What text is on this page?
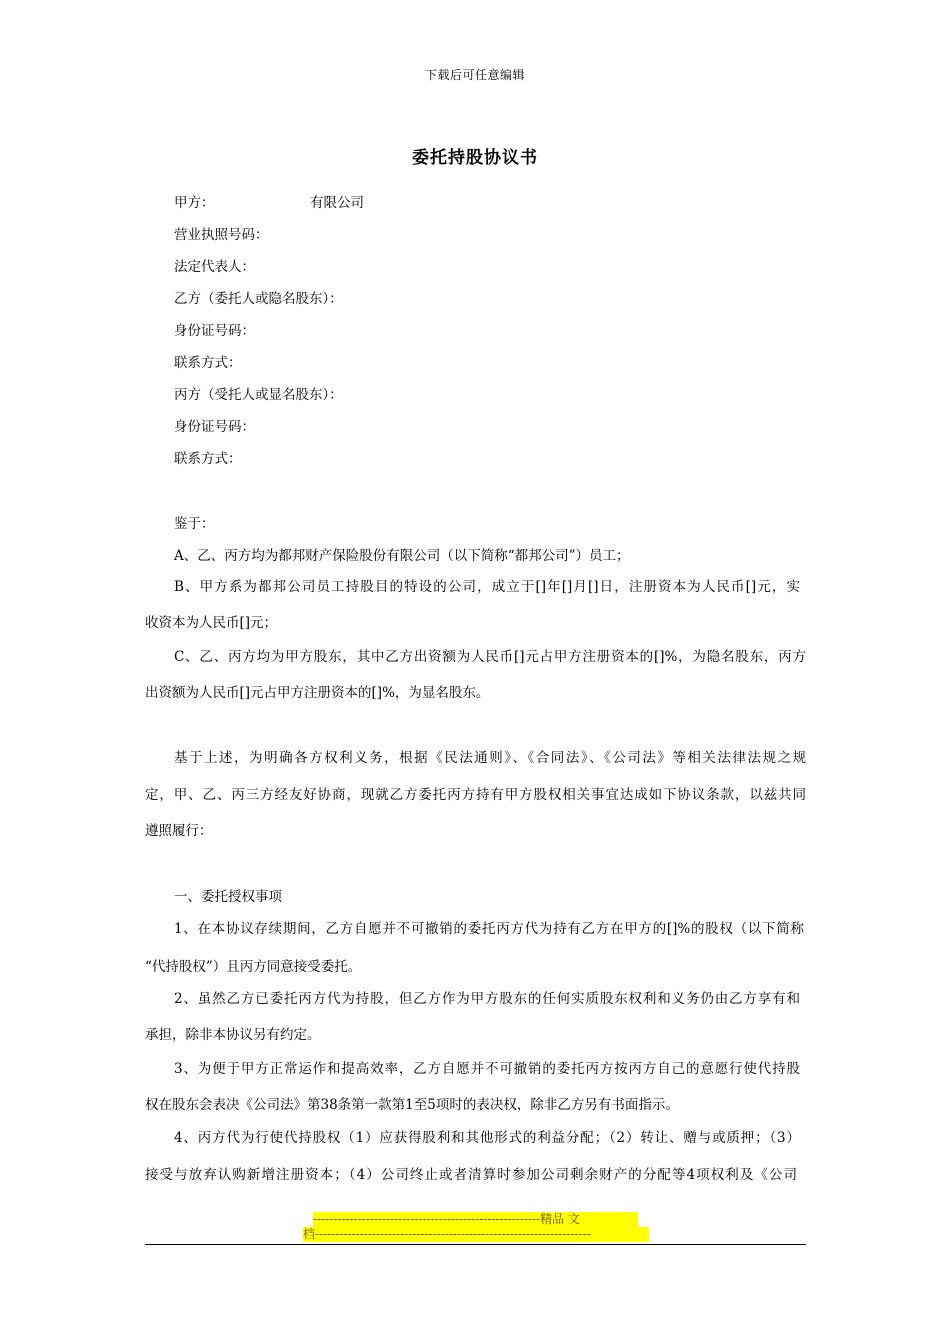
下载后可任意编辑
委托持股协议书
甲方：	有限公司
营业执照号码：
法定代表人：
乙方（委托人或隐名股东）：
身份证号码：
联系方式：
丙方（受托人或显名股东）：
身份证号码：
联系方式：
鉴于：
A、乙、丙方均为都邦财产保险股份有限公司（以下简称“都邦公司”）员工；
B、甲方系为都邦公司员工持股目的特设的公司，成立于[]年[]月[]日，注册资本为人民币[]元，实
收资本为人民币[]元；
C、乙、丙方均为甲方股东，其中乙方出资额为人民币[]元占甲方注册资本的[]%，为隐名股东，丙方
出资额为人民币[]元占甲方注册资本的[]%，为显名股东。
基于上述，为明确各方权利义务，根据《民法通则》、《合同法》、《公司法》等相关法律法规之规
定，甲、乙、丙三方经友好协商，现就乙方委托丙方持有甲方股权相关事宜达成如下协议条款，以兹共同
遵照履行：
一、委托授权事项
1、在本协议存续期间，乙方自愿并不可撤销的委托丙方代为持有乙方在甲方的[]%的股权（以下简称
“代持股权”）且丙方同意接受委托。
2、虽然乙方已委托丙方代为持股，但乙方作为甲方股东的任何实质股东权利和义务仍由乙方享有和
承担，除非本协议另有约定。
3、为便于甲方正常运作和提高效率，乙方自愿并不可撤销的委托丙方按丙方自己的意愿行使代持股
权在股东会表决《公司法》第38条第一款第1至5项时的表决权，除非乙方另有书面指示。
4、丙方代为行使代持股权（1）应获得股利和其他形式的利益分配；（2）转让、赠与或质押；（3）
接受与放弃认购新增注册资本；（4）公司终止或者清算时参加公司剩余财产的分配等4项权利及《公司
--------------------------------------------------------精品 文
档--------------------------------------------------------------------
